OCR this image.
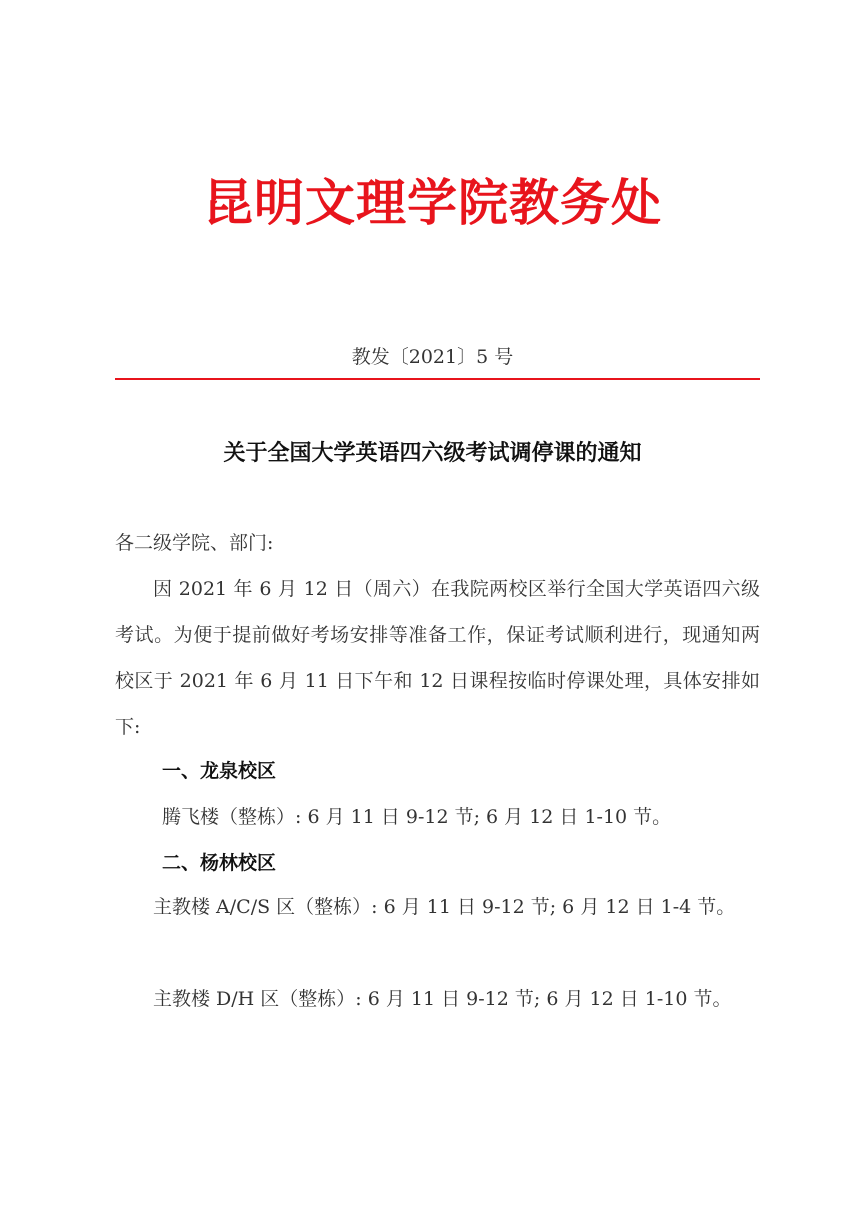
昆明文理学院教务处
教发〔2021〕5 号
关于全国大学英语四六级考试调停课的通知
各二级学院、部门:
因 2021 年 6 月 12 日（周六）在我院两校区举行全国大学英语四六级考试。为便于提前做好考场安排等准备工作，保证考试顺利进行，现通知两校区于 2021 年 6 月 11 日下午和 12 日课程按临时停课处理，具体安排如下:
一、龙泉校区
腾飞楼（整栋）: 6 月 11 日 9-12 节; 6 月 12 日 1-10 节。
二、杨林校区
主教楼 A/C/S 区（整栋）: 6 月 11 日 9-12 节; 6 月 12 日 1-4 节。
主教楼 D/H 区（整栋）: 6 月 11 日 9-12 节; 6 月 12 日 1-10 节。
